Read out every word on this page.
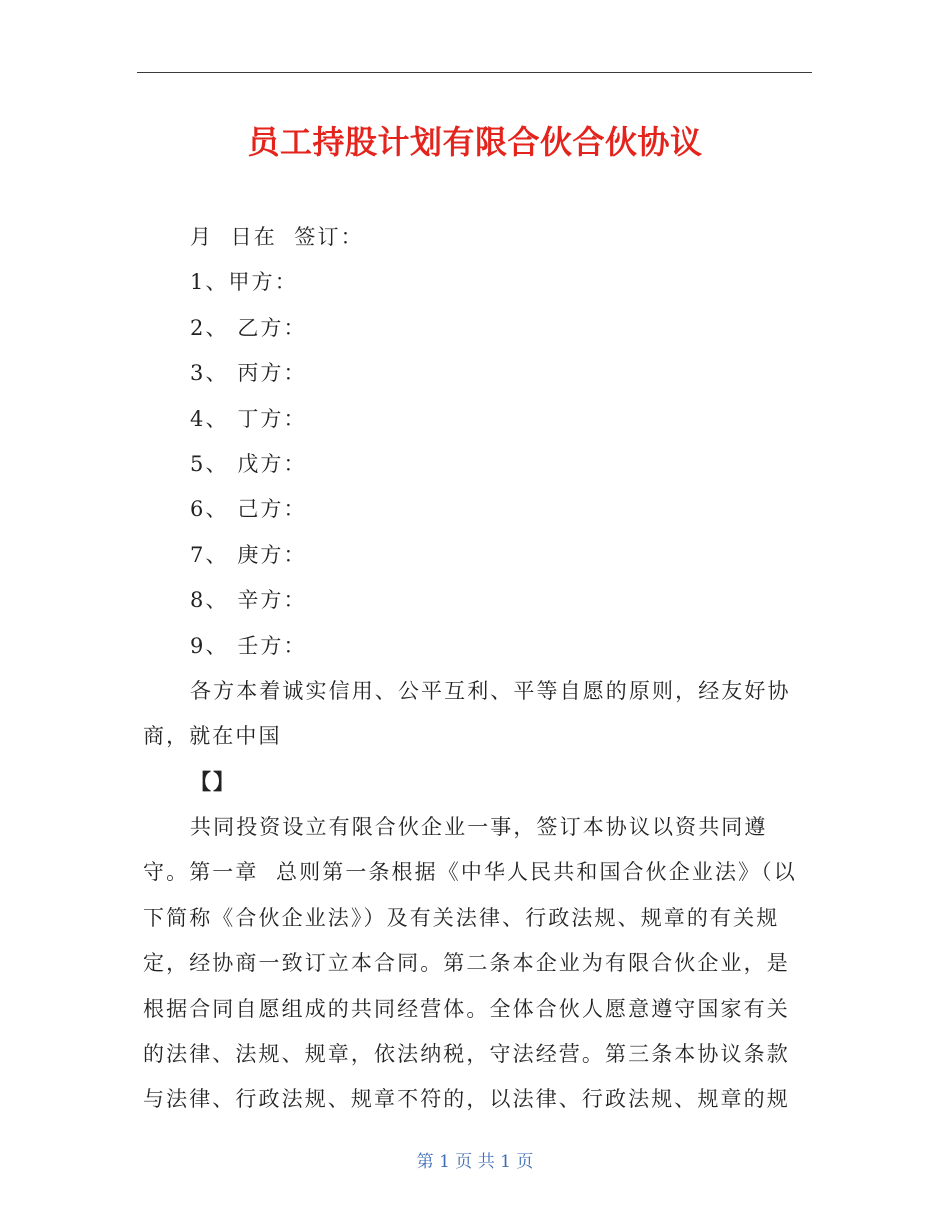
员工持股计划有限合伙合伙协议
月  日在  签订：
1、甲方：
2、 乙方：
3、 丙方：
4、 丁方：
5、 戊方：
6、 己方：
7、 庚方：
8、 辛方：
9、 壬方：
各方本着诚实信用、公平互利、平等自愿的原则，经友好协
商，就在中国
【】
共同投资设立有限合伙企业一事，签订本协议以资共同遵
守。第一章  总则第一条根据《中华人民共和国合伙企业法》（以
下简称《合伙企业法》）及有关法律、行政法规、规章的有关规
定，经协商一致订立本合同。第二条本企业为有限合伙企业，是
根据合同自愿组成的共同经营体。全体合伙人愿意遵守国家有关
的法律、法规、规章，依法纳税，守法经营。第三条本协议条款
与法律、行政法规、规章不符的，以法律、行政法规、规章的规
第 1 页 共 1 页
